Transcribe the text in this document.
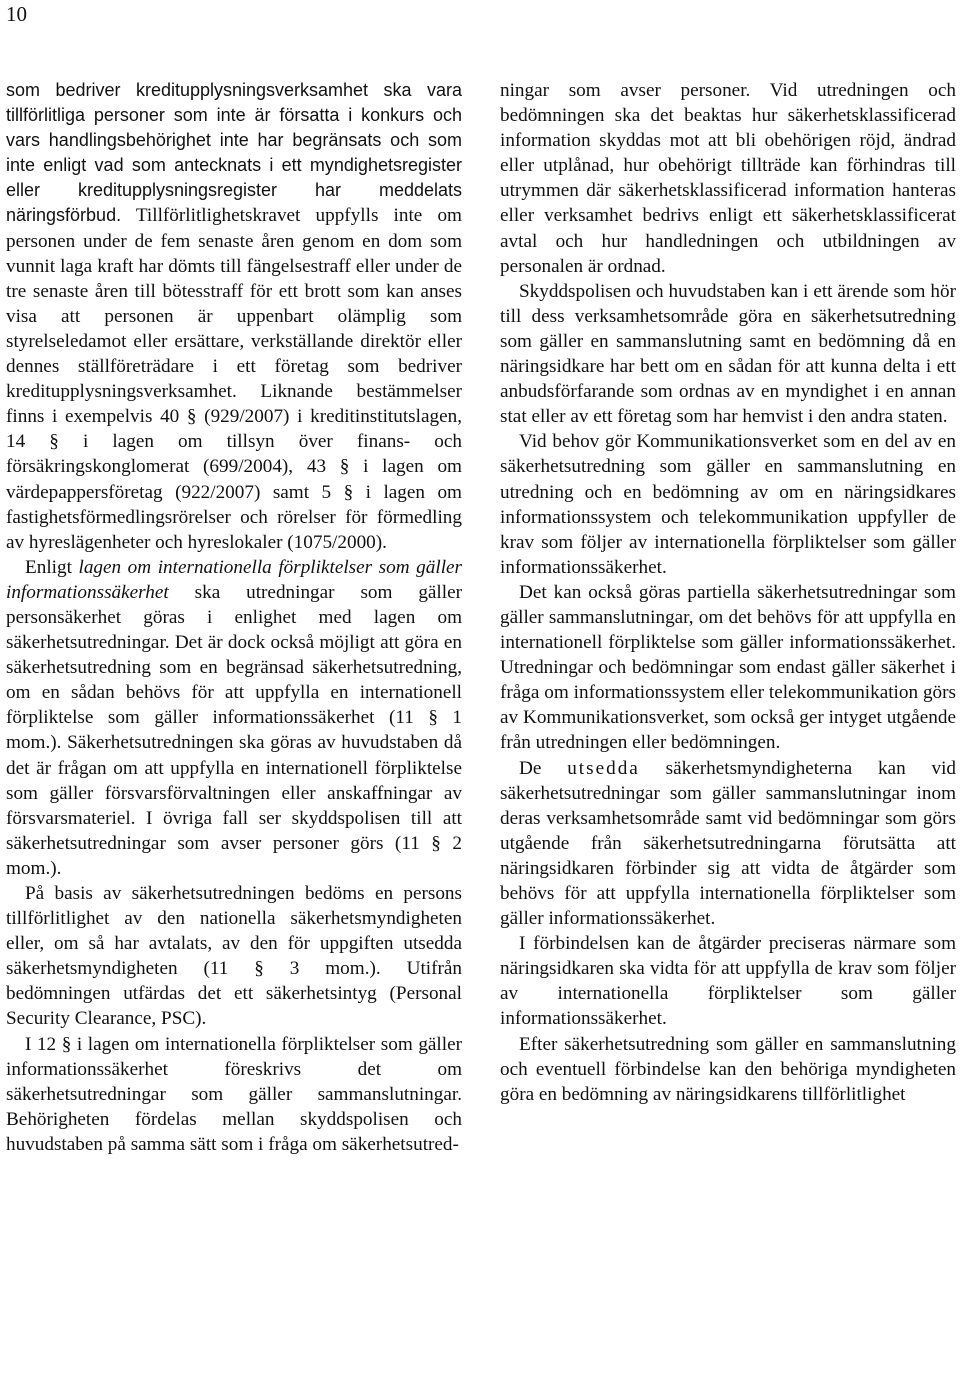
10

som bedriver kreditupplysningsverksamhet ska vara tillförlitliga personer som inte är försatta i konkurs och vars handlingsbehörighet inte har begränsats och som inte enligt vad som antecknats i ett myndighetsregister eller kreditupplysningsregister har meddelats näringsförbud. Tillförlitlighetskravet uppfylls inte om personen under de fem senaste åren genom en dom som vunnit laga kraft har dömts till fängelsestraff eller under de tre senaste åren till bötesstraff för ett brott som kan anses visa att personen är uppenbart olämplig som styrelseledamot eller ersättare, verkställande direktör eller dennes ställföreträdare i ett företag som bedriver kreditupplysningsverksamhet. Liknande bestämmelser finns i exempelvis 40 § (929/2007) i kreditinstitutslagen, 14 § i lagen om tillsyn över finans- och försäkringskonglomerat (699/2004), 43 § i lagen om värdepappersföretag (922/2007) samt 5 § i lagen om fastighetsförmedlingsrörelser och rörelser för förmedling av hyreslägenheter och hyreslokaler (1075/2000).

Enligt lagen om internationella förpliktelser som gäller informationssäkerhet ska utredningar som gäller personsäkerhet göras i enlighet med lagen om säkerhetsutredningar. Det är dock också möjligt att göra en säkerhetsutredning som en begränsad säkerhetsutredning, om en sådan behövs för att uppfylla en internationell förpliktelse som gäller informationssäkerhet (11 § 1 mom.). Säkerhetsutredningen ska göras av huvudstaben då det är frågan om att uppfylla en internationell förpliktelse som gäller försvarsförvaltningen eller anskaffningar av försvarsmateriel. I övriga fall ser skyddspolisen till att säkerhetsutredningar som avser personer görs (11 § 2 mom.).

På basis av säkerhetsutredningen bedöms en persons tillförlitlighet av den nationella säkerhetsmyndigheten eller, om så har avtalats, av den för uppgiften utsedda säkerhetsmyndigheten (11 § 3 mom.). Utifrån bedömningen utfärdas det ett säkerhetsintyg (Personal Security Clearance, PSC).

I 12 § i lagen om internationella förpliktelser som gäller informationssäkerhet föreskrivs det om säkerhetsutredningar som gäller sammanslutningar. Behörigheten fördelas mellan skyddspolisen och huvudstaben på samma sätt som i fråga om säkerhetsutred-

ningar som avser personer. Vid utredningen och bedömningen ska det beaktas hur säkerhetsklassificerad information skyddas mot att bli obehörigen röjd, ändrad eller utplånad, hur obehörigt tillträde kan förhindras till utrymmen där säkerhetsklassificerad information hanteras eller verksamhet bedrivs enligt ett säkerhetsklassificerat avtal och hur handledningen och utbildningen av personalen är ordnad.

Skyddspolisen och huvudstaben kan i ett ärende som hör till dess verksamhetsområde göra en säkerhetsutredning som gäller en sammanslutning samt en bedömning då en näringsidkare har bett om en sådan för att kunna delta i ett anbudsförfarande som ordnas av en myndighet i en annan stat eller av ett företag som har hemvist i den andra staten.

Vid behov gör Kommunikationsverket som en del av en säkerhetsutredning som gäller en sammanslutning en utredning och en bedömning av om en näringsidkares informationssystem och telekommunikation uppfyller de krav som följer av internationella förpliktelser som gäller informationssäkerhet.

Det kan också göras partiella säkerhetsutredningar som gäller sammanslutningar, om det behövs för att uppfylla en internationell förpliktelse som gäller informationssäkerhet. Utredningar och bedömningar som endast gäller säkerhet i fråga om informationssystem eller telekommunikation görs av Kommunikationsverket, som också ger intyget utgående från utredningen eller bedömningen.

De utsedda säkerhetsmyndigheterna kan vid säkerhetsutredningar som gäller sammanslutningar inom deras verksamhetsområde samt vid bedömningar som görs utgående från säkerhetsutredningarna förutsätta att näringsidkaren förbinder sig att vidta de åtgärder som behövs för att uppfylla internationella förpliktelser som gäller informationssäkerhet.

I förbindelsen kan de åtgärder preciseras närmare som näringsidkaren ska vidta för att uppfylla de krav som följer av internationella förpliktelser som gäller informationssäkerhet.

Efter säkerhetsutredning som gäller en sammanslutning och eventuell förbindelse kan den behöriga myndigheten göra en bedömning av näringsidkarens tillförlitlighet
